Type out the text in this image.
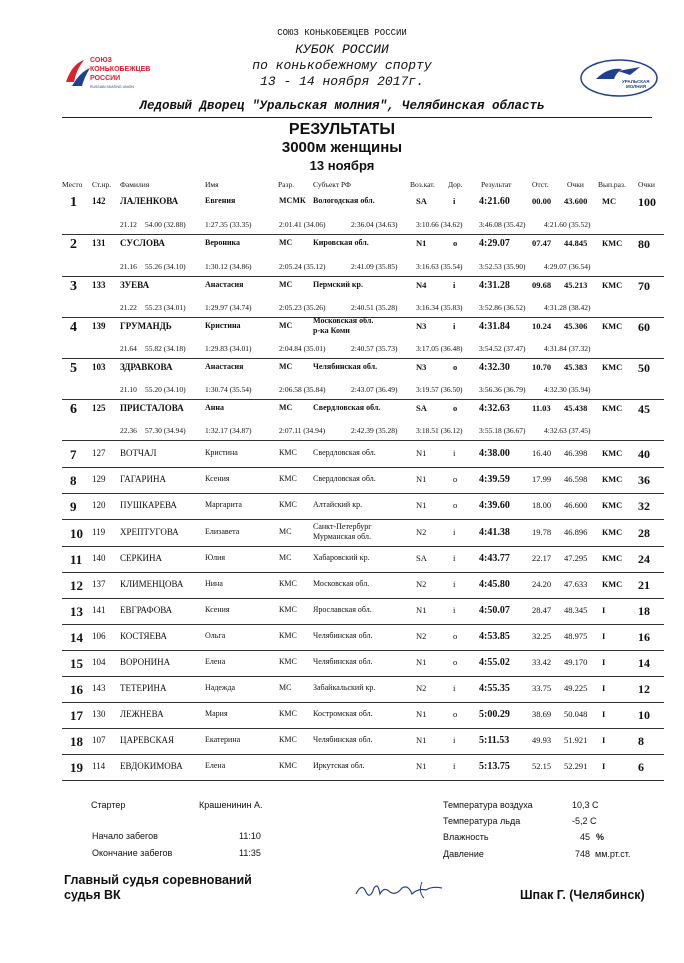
СОЮЗ КОНЬКОБЕЖЦЕВ РОССИИ
КУБОК РОССИИ
по конькобежному спорту
13 - 14 ноября 2017г.
СОЮЗ
КОНЬКОБЕЖЦЕВ
РОССИИ
RUSSIAN SKATING UNION
УРАЛЬСКАЯ
МОЛНИЯ
Ледовый Дворец "Уральская молния", Челябинская область
РЕЗУЛЬТАТЫ
3000м женщины
13 ноября
Место Ст.нр. Фамилия	Имя	Разр.	Субъект РФ	Воз.кат. Дор. Результат	Отст. Очки Вып.раз. Очки
1 142 ЛАЛЕНКОВА	Евгения	МСМК Вологодская обл.	SA	i 4:21.60	00.00 43.600 МС 100
21.12 54.00 (32.88)	1:27.35 (33.35)	2:01.41 (34.06)	2:36.04 (34.63) 3:10.66 (34.62) 3:46.08 (35.42) 4:21.60 (35.52)
2 131 СУСЛОВА	Вероника	МС	Кировская обл.	N1	o 4:29.07	07.47 44.845 КМС 80
21.16 55.26 (34.10)	1:30.12 (34.86)	2:05.24 (35.12)	2:41.09 (35.85) 3:16.63 (35.54) 3:52.53 (35.90) 4:29.07 (36.54)
3 133 ЗУЕВА	Анастасия	МС	Пермский кр.	N4	i 4:31.28	09.68 45.213 КМС 70
21.22 55.23 (34.01)	1:29.97 (34.74)	2:05.23 (35.26)	2:40.51 (35.28) 3:16.34 (35.83) 3:52.86 (36.52) 4:31.28 (38.42)
4 139 ГРУМАНДЬ	Кристина	МС
Московская обл.
р-ка Коми	N3	i 4:31.84	10.24 45.306 КМС 60
21.64 55.82 (34.18)	1:29.83 (34.01)	2:04.84 (35.01)	2:40.57 (35.73) 3:17.05 (36.48) 3:54.52 (37.47) 4:31.84 (37.32)
5 103 ЗДРАВКОВА	Анастасия	МС	Челябинская обл.	N3	o 4:32.30	10.70 45.383 КМС 50
21.10 55.20 (34.10)	1:30.74 (35.54)	2:06.58 (35.84)	2:43.07 (36.49) 3:19.57 (36.50) 3:56.36 (36.79) 4:32.30 (35.94)
6 125 ПРИСТАЛОВА	Анна	МС	Свердловская обл.	SA	o 4:32.63	11.03 45.438 КМС 45
22.36 57.30 (34.94)	1:32.17 (34.87)	2:07.11 (34.94)	2:42.39 (35.28) 3:18.51 (36.12) 3:55.18 (36.67) 4:32.63 (37.45)
7 127 ВОТЧАЛ	Кристина	КМС Свердловская обл.	N1	i 4:38.00	16.40 46.398 КМС 40
8 129 ГАГАРИНА	Ксения	КМС Свердловская обл.	N1	o 4:39.59	17.99 46.598 КМС 36
9 120 ПУШКАРЕВА	Маргарита	КМС Алтайский кр.	N1	o 4:39.60	18.00 46.600 КМС 32
10 119 ХРЕПТУГОВА	Елизавета	МС
Санкт-Петербург
Мурманская обл.	N2	i 4:41.38	19.78 46.896 КМС 28
11 140 СЕРКИНА	Юлия	МС	Хабаровский кр.	SA	i 4:43.77	22.17 47.295 КМС 24
12 137 КЛИМЕНЦОВА	Нина	КМС Московская обл.	N2	i 4:45.80	24.20 47.633 КМС 21
13 141 ЕВГРАФОВА	Ксения	КМС Ярославская обл.	N1	i 4:50.07	28.47 48.345 I	18
14 106 КОСТЯЕВА	Ольга	КМС Челябинская обл.	N2	o 4:53.85	32.25 48.975 I	16
15 104 ВОРОНИНА	Елена	КМС Челябинская обл.	N1	o 4:55.02	33.42 49.170 I	14
16 143 ТЕТЕРИНА	Надежда	МС	Забайкальский кр.	N2	i 4:55.35	33.75 49.225 I	12
17 130 ЛЕЖНЕВА	Мария	КМС Костромская обл.	N1	o 5:00.29	38.69 50.048 I	10
18 107 ЦАРЕВСКАЯ	Екатерина	КМС Челябинская обл.	N1	i 5:11.53	49.93 51.921 I	8
19 114 ЕВДОКИМОВА	Елена	КМС Иркутская обл.	N1	i 5:13.75	52.15 52.291 I	6
Стартер	Крашенинин А.
Начало забегов	11:10
Окончание забегов	11:35
Температура воздуха	10,3 С
Температура льда	-5,2 С
Влажность	45 %
Давление	748 мм.рт.ст.
Главный судья соревнований
судья ВК	Шпак Г. (Челябинск)
